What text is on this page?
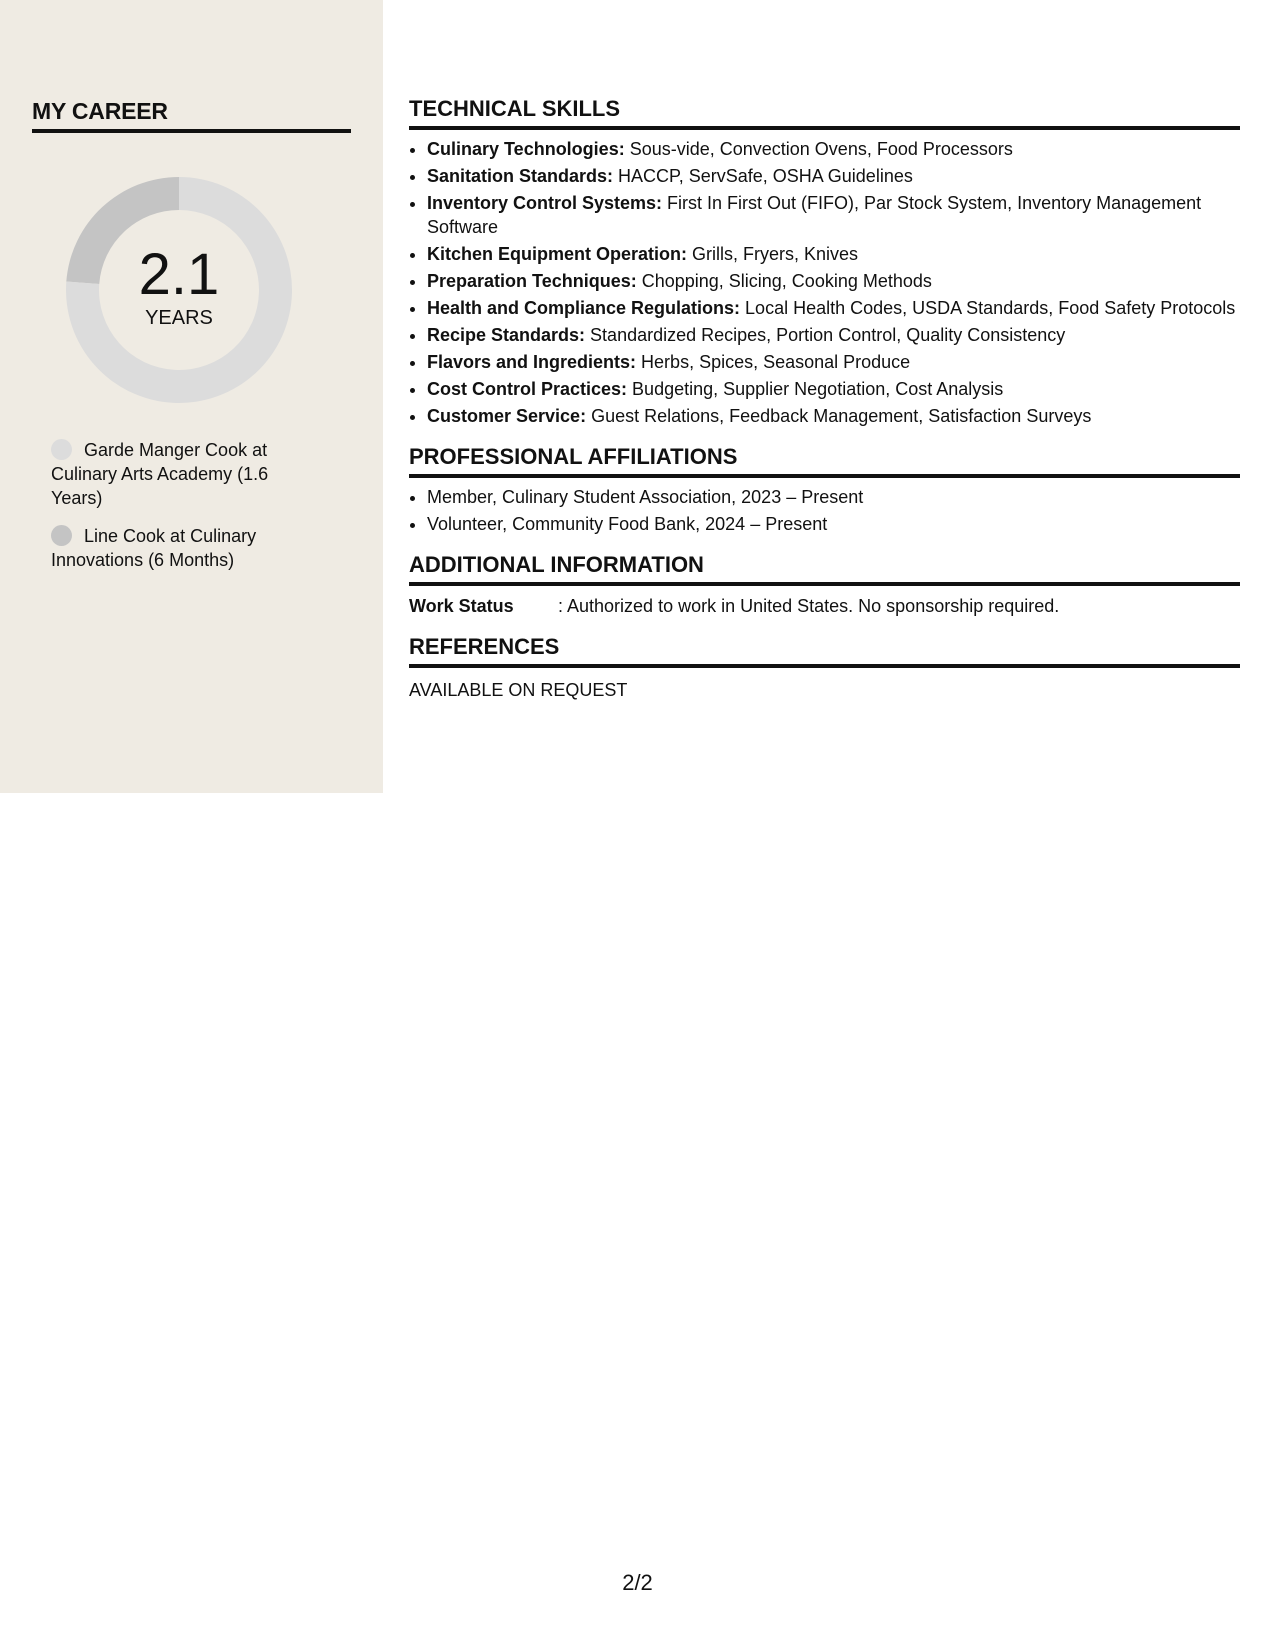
MY CAREER
2.1
YEARS
Garde Manger Cook at Culinary Arts Academy (1.6 Years)
Line Cook at Culinary Innovations (6 Months)
TECHNICAL SKILLS
• Culinary Technologies: Sous-vide, Convection Ovens, Food Processors
• Sanitation Standards: HACCP, ServSafe, OSHA Guidelines
• Inventory Control Systems: First In First Out (FIFO), Par Stock System, Inventory Management Software
• Kitchen Equipment Operation: Grills, Fryers, Knives
• Preparation Techniques: Chopping, Slicing, Cooking Methods
• Health and Compliance Regulations: Local Health Codes, USDA Standards, Food Safety Protocols
• Recipe Standards: Standardized Recipes, Portion Control, Quality Consistency
• Flavors and Ingredients: Herbs, Spices, Seasonal Produce
• Cost Control Practices: Budgeting, Supplier Negotiation, Cost Analysis
• Customer Service: Guest Relations, Feedback Management, Satisfaction Surveys
PROFESSIONAL AFFILIATIONS
• Member, Culinary Student Association, 2023 – Present
• Volunteer, Community Food Bank, 2024 – Present
ADDITIONAL INFORMATION
Work Status	: Authorized to work in United States. No sponsorship required.
REFERENCES
AVAILABLE ON REQUEST
2/2
